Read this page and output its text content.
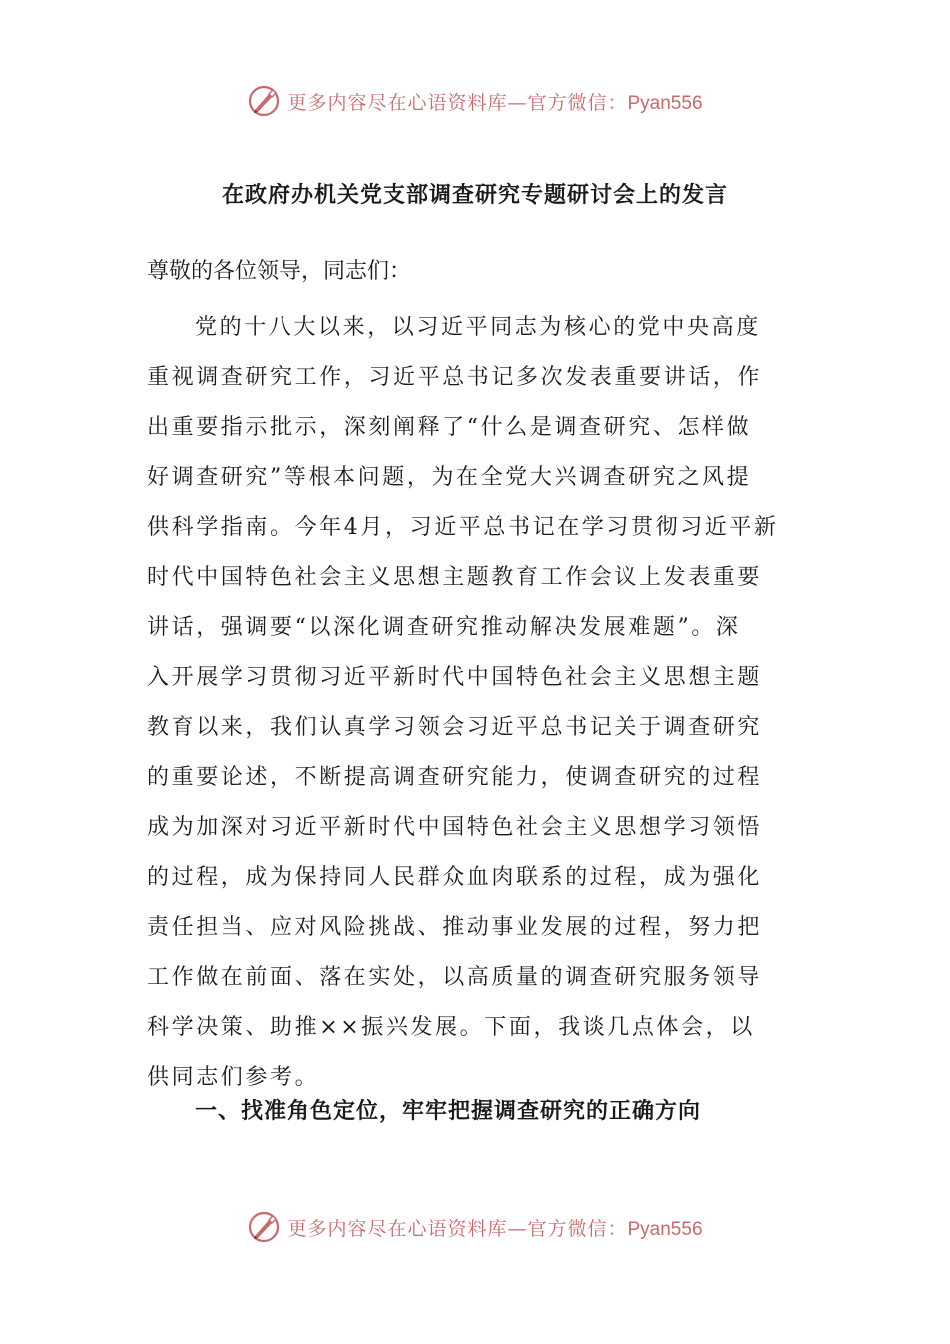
更多内容尽在心语资料库—官方微信：Pyan556
在政府办机关党支部调查研究专题研讨会上的发言
尊敬的各位领导，同志们：
党的十八大以来，以习近平同志为核心的党中央高度
重视调查研究工作，习近平总书记多次发表重要讲话，作
出重要指示批示，深刻阐释了“什么是调查研究、怎样做
好调查研究”等根本问题，为在全党大兴调查研究之风提
供科学指南。今年4月，习近平总书记在学习贯彻习近平新
时代中国特色社会主义思想主题教育工作会议上发表重要
讲话，强调要“以深化调查研究推动解决发展难题”。深
入开展学习贯彻习近平新时代中国特色社会主义思想主题
教育以来，我们认真学习领会习近平总书记关于调查研究
的重要论述，不断提高调查研究能力，使调查研究的过程
成为加深对习近平新时代中国特色社会主义思想学习领悟
的过程，成为保持同人民群众血肉联系的过程，成为强化
责任担当、应对风险挑战、推动事业发展的过程，努力把
工作做在前面、落在实处，以高质量的调查研究服务领导
科学决策、助推××振兴发展。下面，我谈几点体会，以
供同志们参考。
一、找准角色定位，牢牢把握调查研究的正确方向
更多内容尽在心语资料库—官方微信：Pyan556
